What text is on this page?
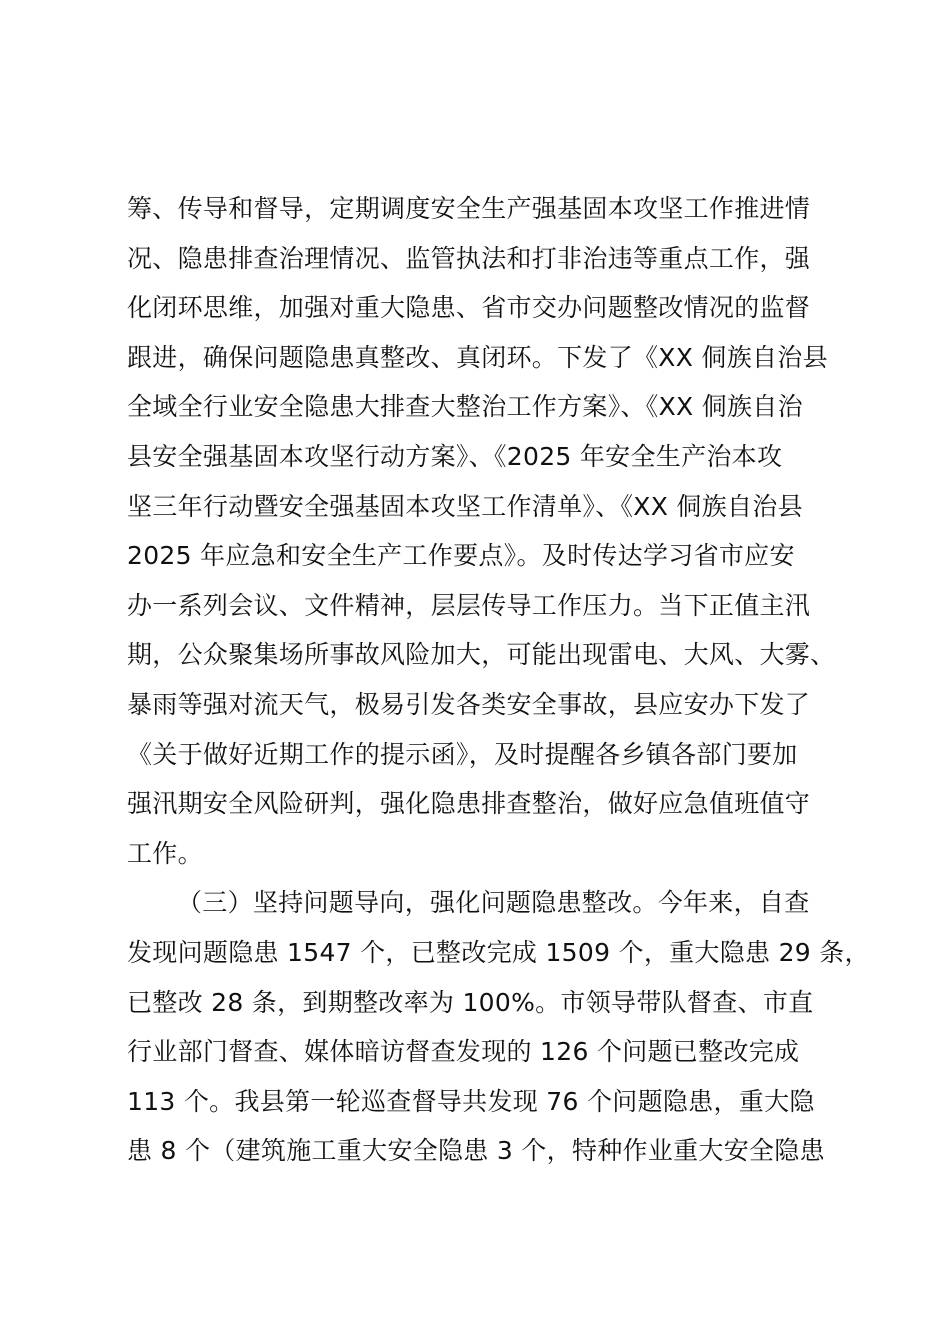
筹、传导和督导，定期调度安全生产强基固本攻坚工作推进情
况、隐患排查治理情况、监管执法和打非治违等重点工作，强
化闭环思维，加强对重大隐患、省市交办问题整改情况的监督
跟进，确保问题隐患真整改、真闭环。下发了《XX 侗族自治县
全域全行业安全隐患大排查大整治工作方案》、《XX 侗族自治
县安全强基固本攻坚行动方案》、《2025 年安全生产治本攻
坚三年行动暨安全强基固本攻坚工作清单》、《XX 侗族自治县
2025 年应急和安全生产工作要点》。及时传达学习省市应安
办一系列会议、文件精神，层层传导工作压力。当下正值主汛
期，公众聚集场所事故风险加大，可能出现雷电、大风、大雾、
暴雨等强对流天气，极易引发各类安全事故，县应安办下发了
《关于做好近期工作的提示函》，及时提醒各乡镇各部门要加
强汛期安全风险研判，强化隐患排查整治，做好应急值班值守
工作。
（三）坚持问题导向，强化问题隐患整改。今年来，自查
发现问题隐患 1547 个，已整改完成 1509 个，重大隐患 29 条，
已整改 28 条，到期整改率为 100%。市领导带队督查、市直
行业部门督查、媒体暗访督查发现的 126 个问题已整改完成
113 个。我县第一轮巡查督导共发现 76 个问题隐患，重大隐
患 8 个（建筑施工重大安全隐患 3 个，特种作业重大安全隐患
